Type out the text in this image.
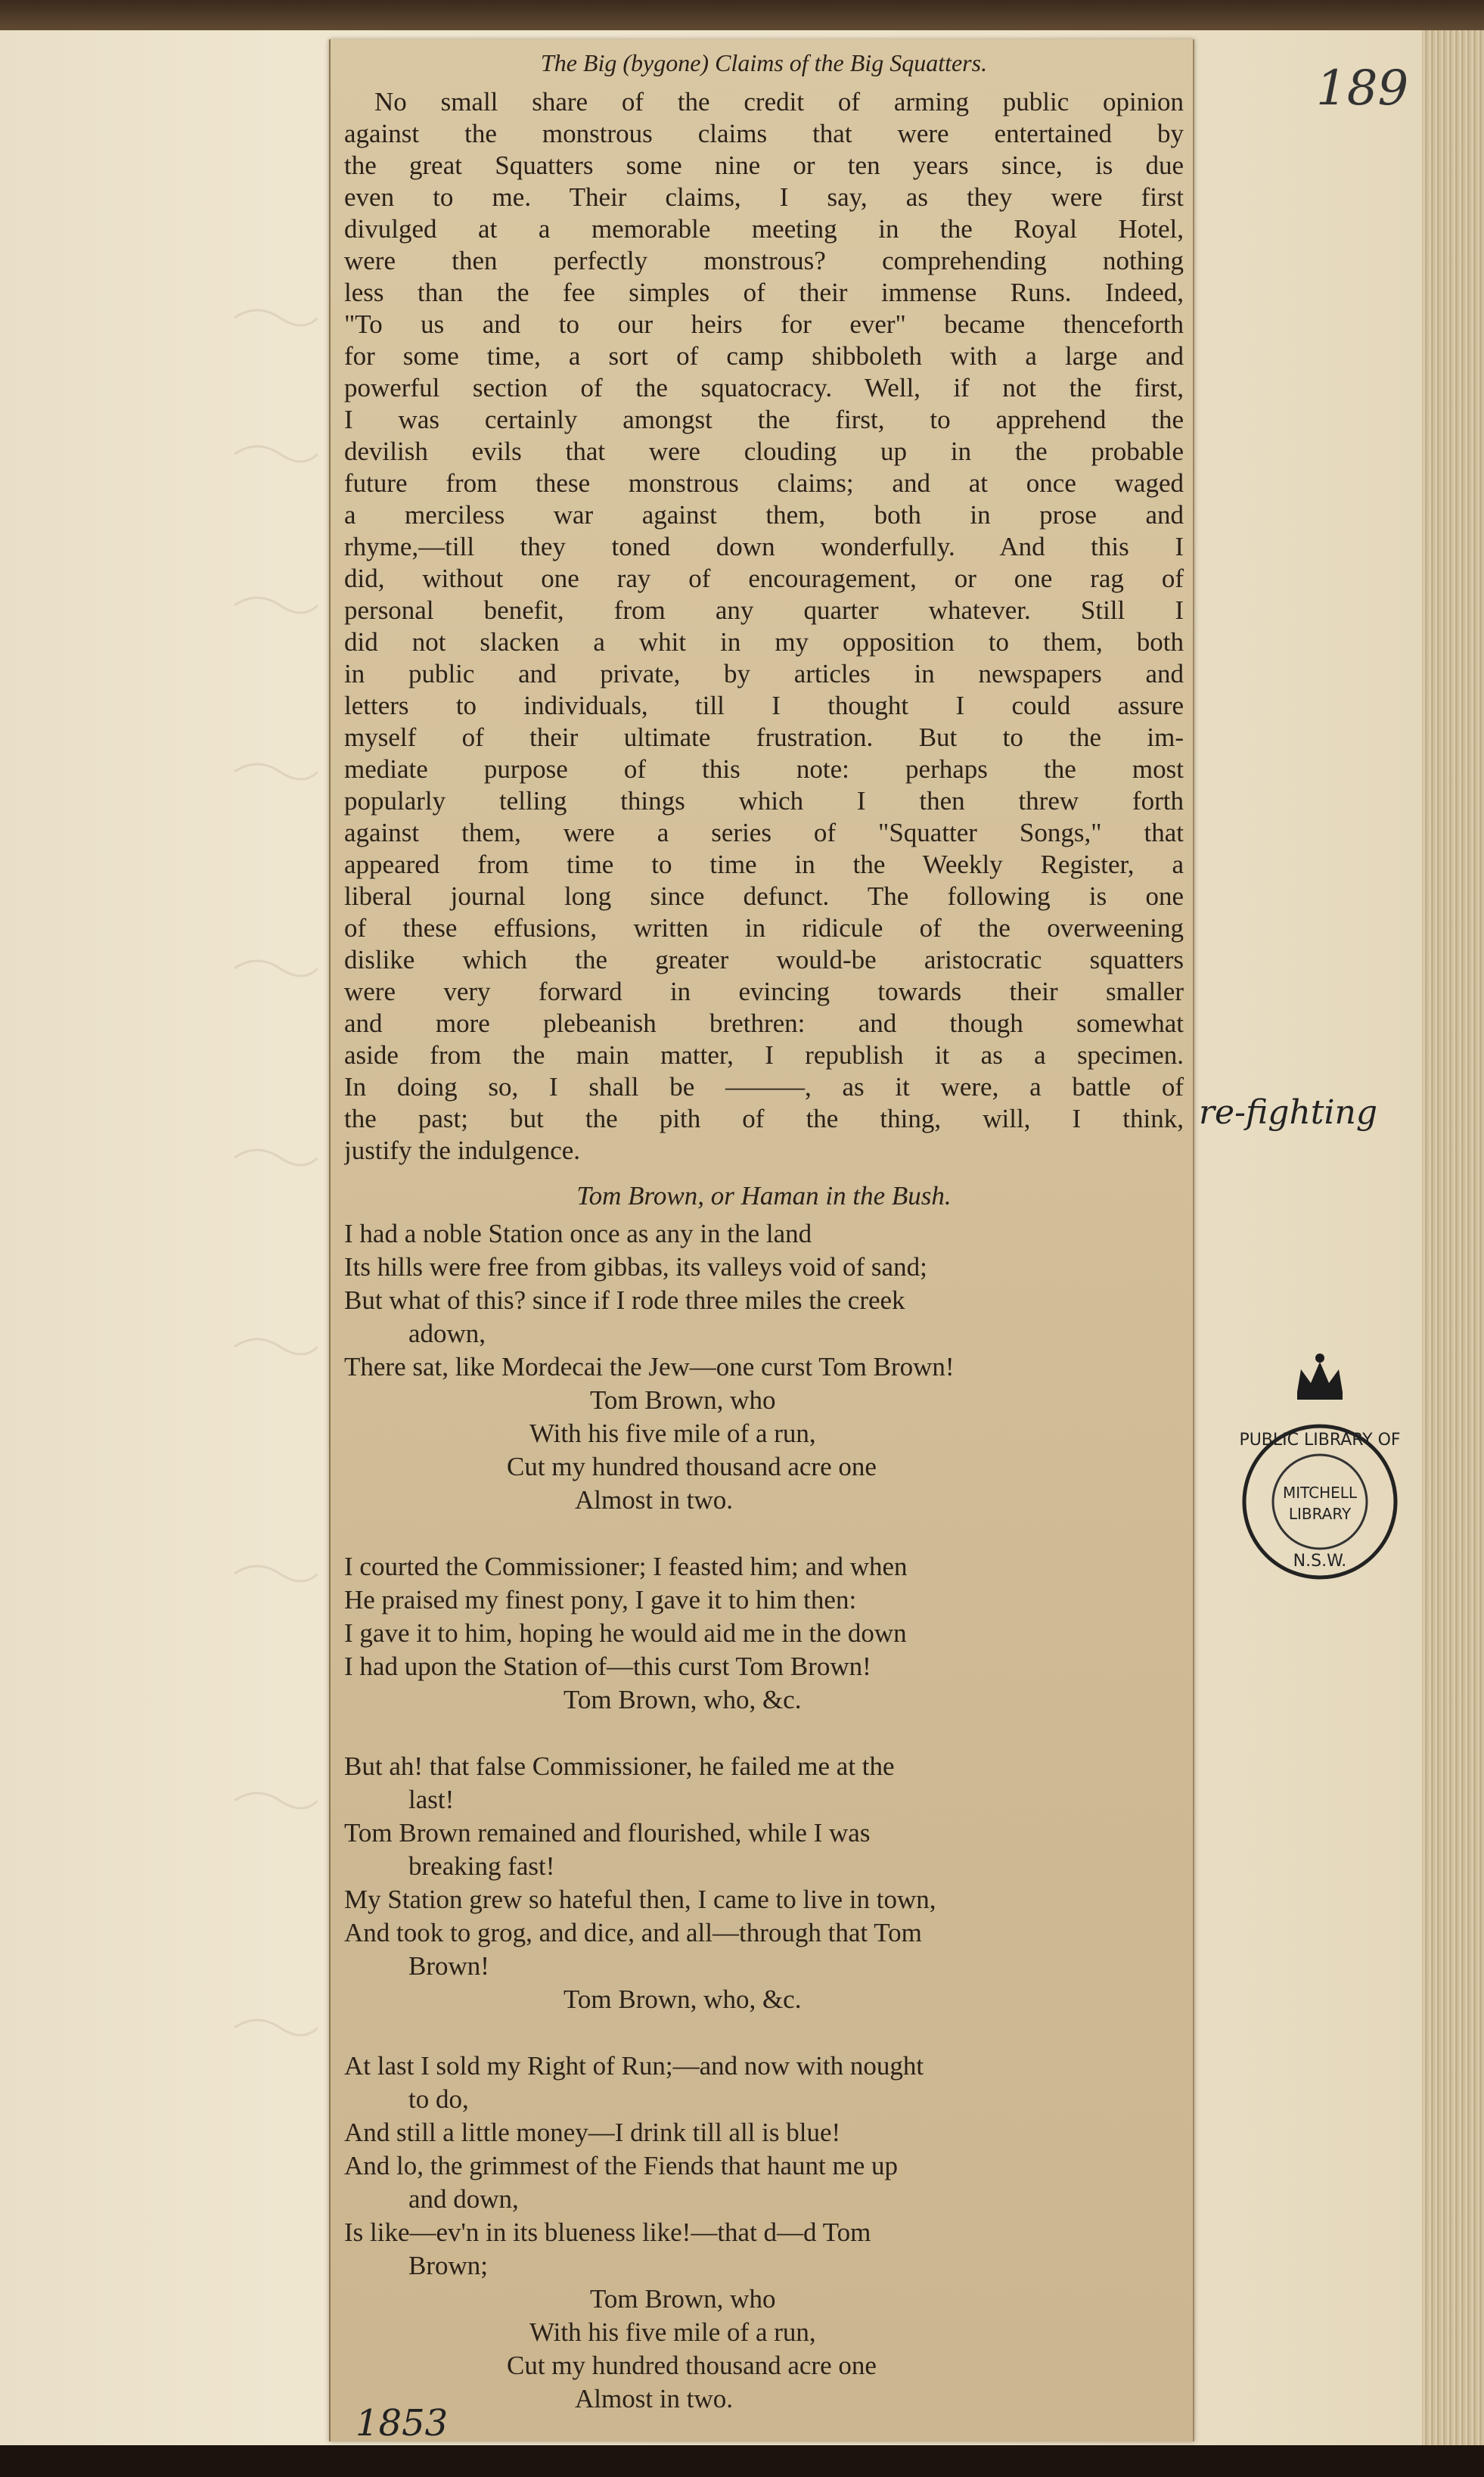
189
The Big (bygone) Claims of the Big Squatters.
No small share of the credit of arming public opinion
against the monstrous claims that were entertained by
the great Squatters some nine or ten years since, is due
even to me. Their claims, I say, as they were first
divulged at a memorable meeting in the Royal Hotel,
were then perfectly monstrous? comprehending nothing
less than the fee simples of their immense Runs. Indeed,
"To us and to our heirs for ever" became thenceforth
for some time, a sort of camp shibboleth with a large and
powerful section of the squatocracy. Well, if not the first,
I was certainly amongst the first, to apprehend the
devilish evils that were clouding up in the probable
future from these monstrous claims; and at once waged
a merciless war against them, both in prose and
rhyme,—till they toned down wonderfully. And this I
did, without one ray of encouragement, or one rag of
personal benefit, from any quarter whatever. Still I
did not slacken a whit in my opposition to them, both
in public and private, by articles in newspapers and
letters to individuals, till I thought I could assure
myself of their ultimate frustration. But to the im-
mediate purpose of this note: perhaps the most
popularly telling things which I then threw forth
against them, were a series of "Squatter Songs," that
appeared from time to time in the Weekly Register, a
liberal journal long since defunct. The following is one
of these effusions, written in ridicule of the overweening
dislike which the greater would-be aristocratic squatters
were very forward in evincing towards their smaller
and more plebeanish brethren: and though somewhat
aside from the main matter, I republish it as a specimen.
In doing so, I shall be ———, as it were, a battle of
the past; but the pith of the thing, will, I think,
justify the indulgence.
Tom Brown, or Haman in the Bush.
I had a noble Station once as any in the land
Its hills were free from gibbas, its valleys void of sand;
But what of this? since if I rode three miles the creek
adown,
There sat, like Mordecai the Jew—one curst Tom Brown!
Tom Brown, who
With his five mile of a run,
Cut my hundred thousand acre one
Almost in two.
I courted the Commissioner; I feasted him; and when
He praised my finest pony, I gave it to him then:
I gave it to him, hoping he would aid me in the down
I had upon the Station of—this curst Tom Brown!
Tom Brown, who, &c.
But ah! that false Commissioner, he failed me at the
last!
Tom Brown remained and flourished, while I was
breaking fast!
My Station grew so hateful then, I came to live in town,
And took to grog, and dice, and all—through that Tom
Brown!
Tom Brown, who, &c.
At last I sold my Right of Run;—and now with nought
to do,
And still a little money—I drink till all is blue!
And lo, the grimmest of the Fiends that haunt me up
and down,
Is like—ev'n in its blueness like!—that d—d Tom
Brown;
Tom Brown, who
With his five mile of a run,
Cut my hundred thousand acre one
Almost in two.
re-fighting
1853
PUBLIC LIBRARY OF
MITCHELL
LIBRARY
N.S.W.
